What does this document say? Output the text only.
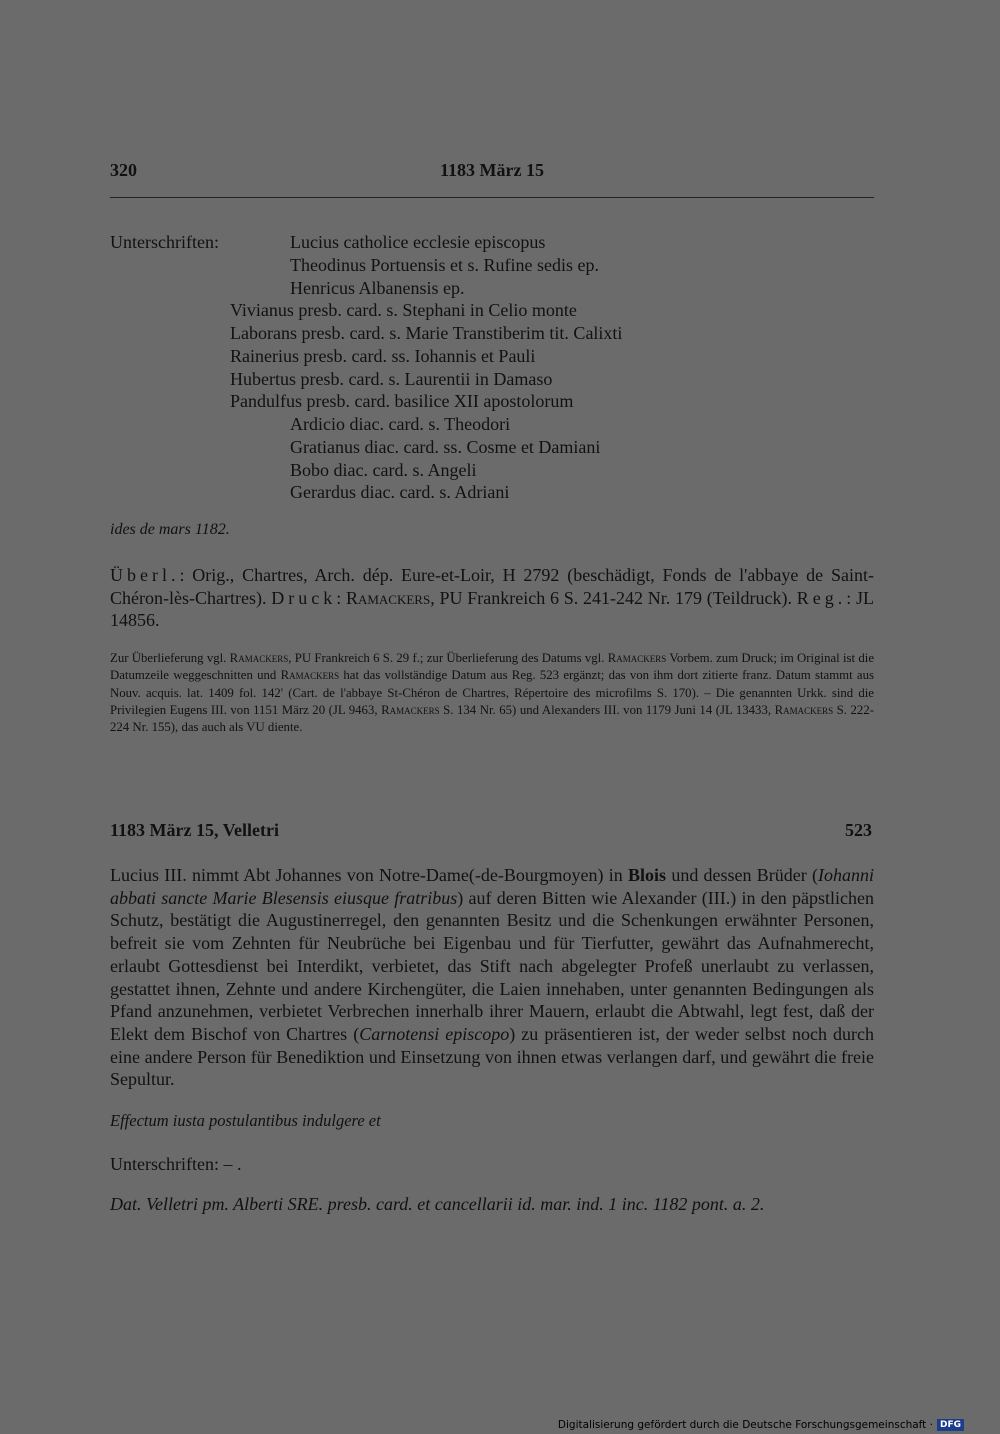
320	1183 März 15
Unterschriften:	Lucius catholice ecclesie episcopus
Theodinus Portuensis et s. Rufine sedis ep.
Henricus Albanensis ep.
Vivianus presb. card. s. Stephani in Celio monte
Laborans presb. card. s. Marie Transtiberim tit. Calixti
Rainerius presb. card. ss. Iohannis et Pauli
Hubertus presb. card. s. Laurentii in Damaso
Pandulfus presb. card. basilice XII apostolorum
Ardicio diac. card. s. Theodori
Gratianus diac. card. ss. Cosme et Damiani
Bobo diac. card. s. Angeli
Gerardus diac. card. s. Adriani
ides de mars 1182.
Überl.: Orig., Chartres, Arch. dép. Eure-et-Loir, H 2792 (beschädigt, Fonds de l'abbaye de Saint-Chéron-lès-Chartres). Druck: Ramackers, PU Frankreich 6 S. 241-242 Nr. 179 (Teildruck). Reg.: JL 14856.
Zur Überlieferung vgl. Ramackers, PU Frankreich 6 S. 29 f.; zur Überlieferung des Datums vgl. Ramackers Vorbem. zum Druck; im Original ist die Datumzeile weggeschnitten und Ramackers hat das vollständige Datum aus Reg. 523 ergänzt; das von ihm dort zitierte franz. Datum stammt aus Nouv. acquis. lat. 1409 fol. 142' (Cart. de l'abbaye St-Chéron de Chartres, Répertoire des microfilms S. 170). – Die genannten Urkk. sind die Privilegien Eugens III. von 1151 März 20 (JL 9463, Ramackers S. 134 Nr. 65) und Alexanders III. von 1179 Juni 14 (JL 13433, Ramackers S. 222-224 Nr. 155), das auch als VU diente.
1183 März 15, Velletri	523
Lucius III. nimmt Abt Johannes von Notre-Dame(-de-Bourgmoyen) in Blois und dessen Brüder (Iohanni abbati sancte Marie Blesensis eiusque fratribus) auf deren Bitten wie Alexander (III.) in den päpstlichen Schutz, bestätigt die Augustinerregel, den genannten Besitz und die Schenkungen erwähnter Personen, befreit sie vom Zehnten für Neubrüche bei Eigenbau und für Tierfutter, gewährt das Aufnahmerecht, erlaubt Gottesdienst bei Interdikt, verbietet, das Stift nach abgelegter Profeß unerlaubt zu verlassen, gestattet ihnen, Zehnte und andere Kirchengüter, die Laien innehaben, unter genannten Bedingungen als Pfand anzunehmen, verbietet Verbrechen innerhalb ihrer Mauern, erlaubt die Abtwahl, legt fest, daß der Elekt dem Bischof von Chartres (Carnotensi episcopo) zu präsentieren ist, der weder selbst noch durch eine andere Person für Benediktion und Einsetzung von ihnen etwas verlangen darf, und gewährt die freie Sepultur.
Effectum iusta postulantibus indulgere et
Unterschriften: – .
Dat. Velletri pm. Alberti SRE. presb. card. et cancellarii id. mar. ind. 1 inc. 1182 pont. a. 2.
Digitalisierung gefördert durch die Deutsche Forschungsgemeinschaft · DFG
